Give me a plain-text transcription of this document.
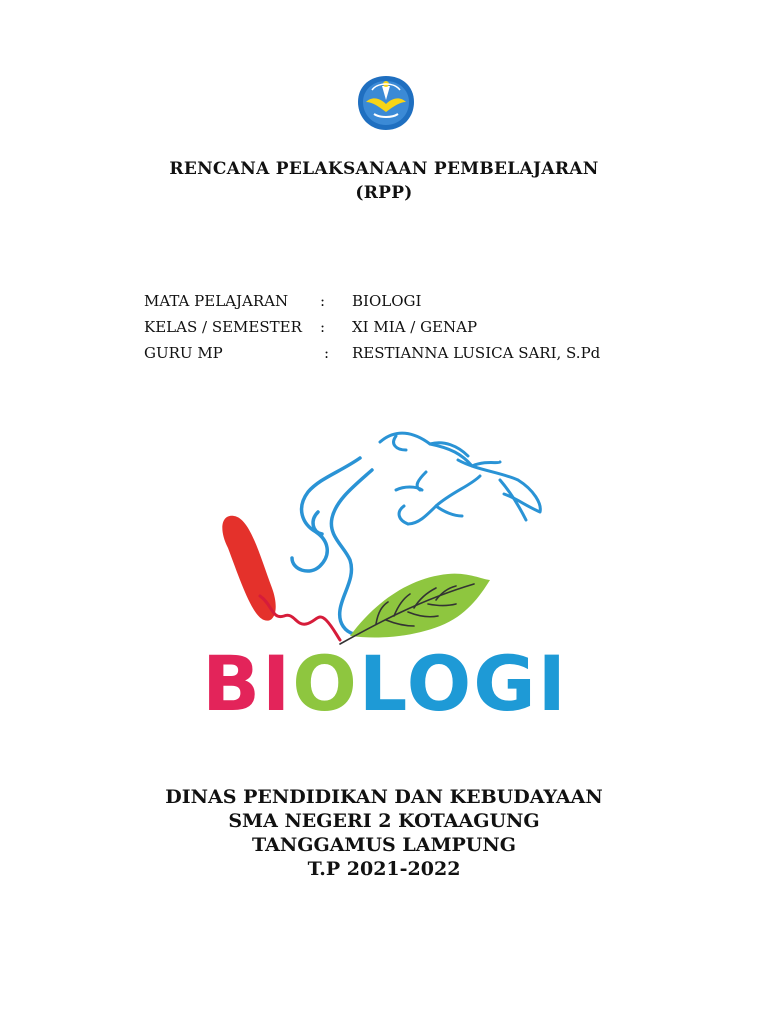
RENCANA PELAKSANAAN PEMBELAJARAN
(RPP)
MATA PELAJARAN : BIOLOGI
KELAS / SEMESTER : XI MIA / GENAP
GURU MP	: RESTIANNA LUSICA SARI, S.Pd
BIOLOGI
DINAS PENDIDIKAN DAN KEBUDAYAAN
SMA NEGERI 2 KOTAAGUNG
TANGGAMUS LAMPUNG
T.P 2021-2022
